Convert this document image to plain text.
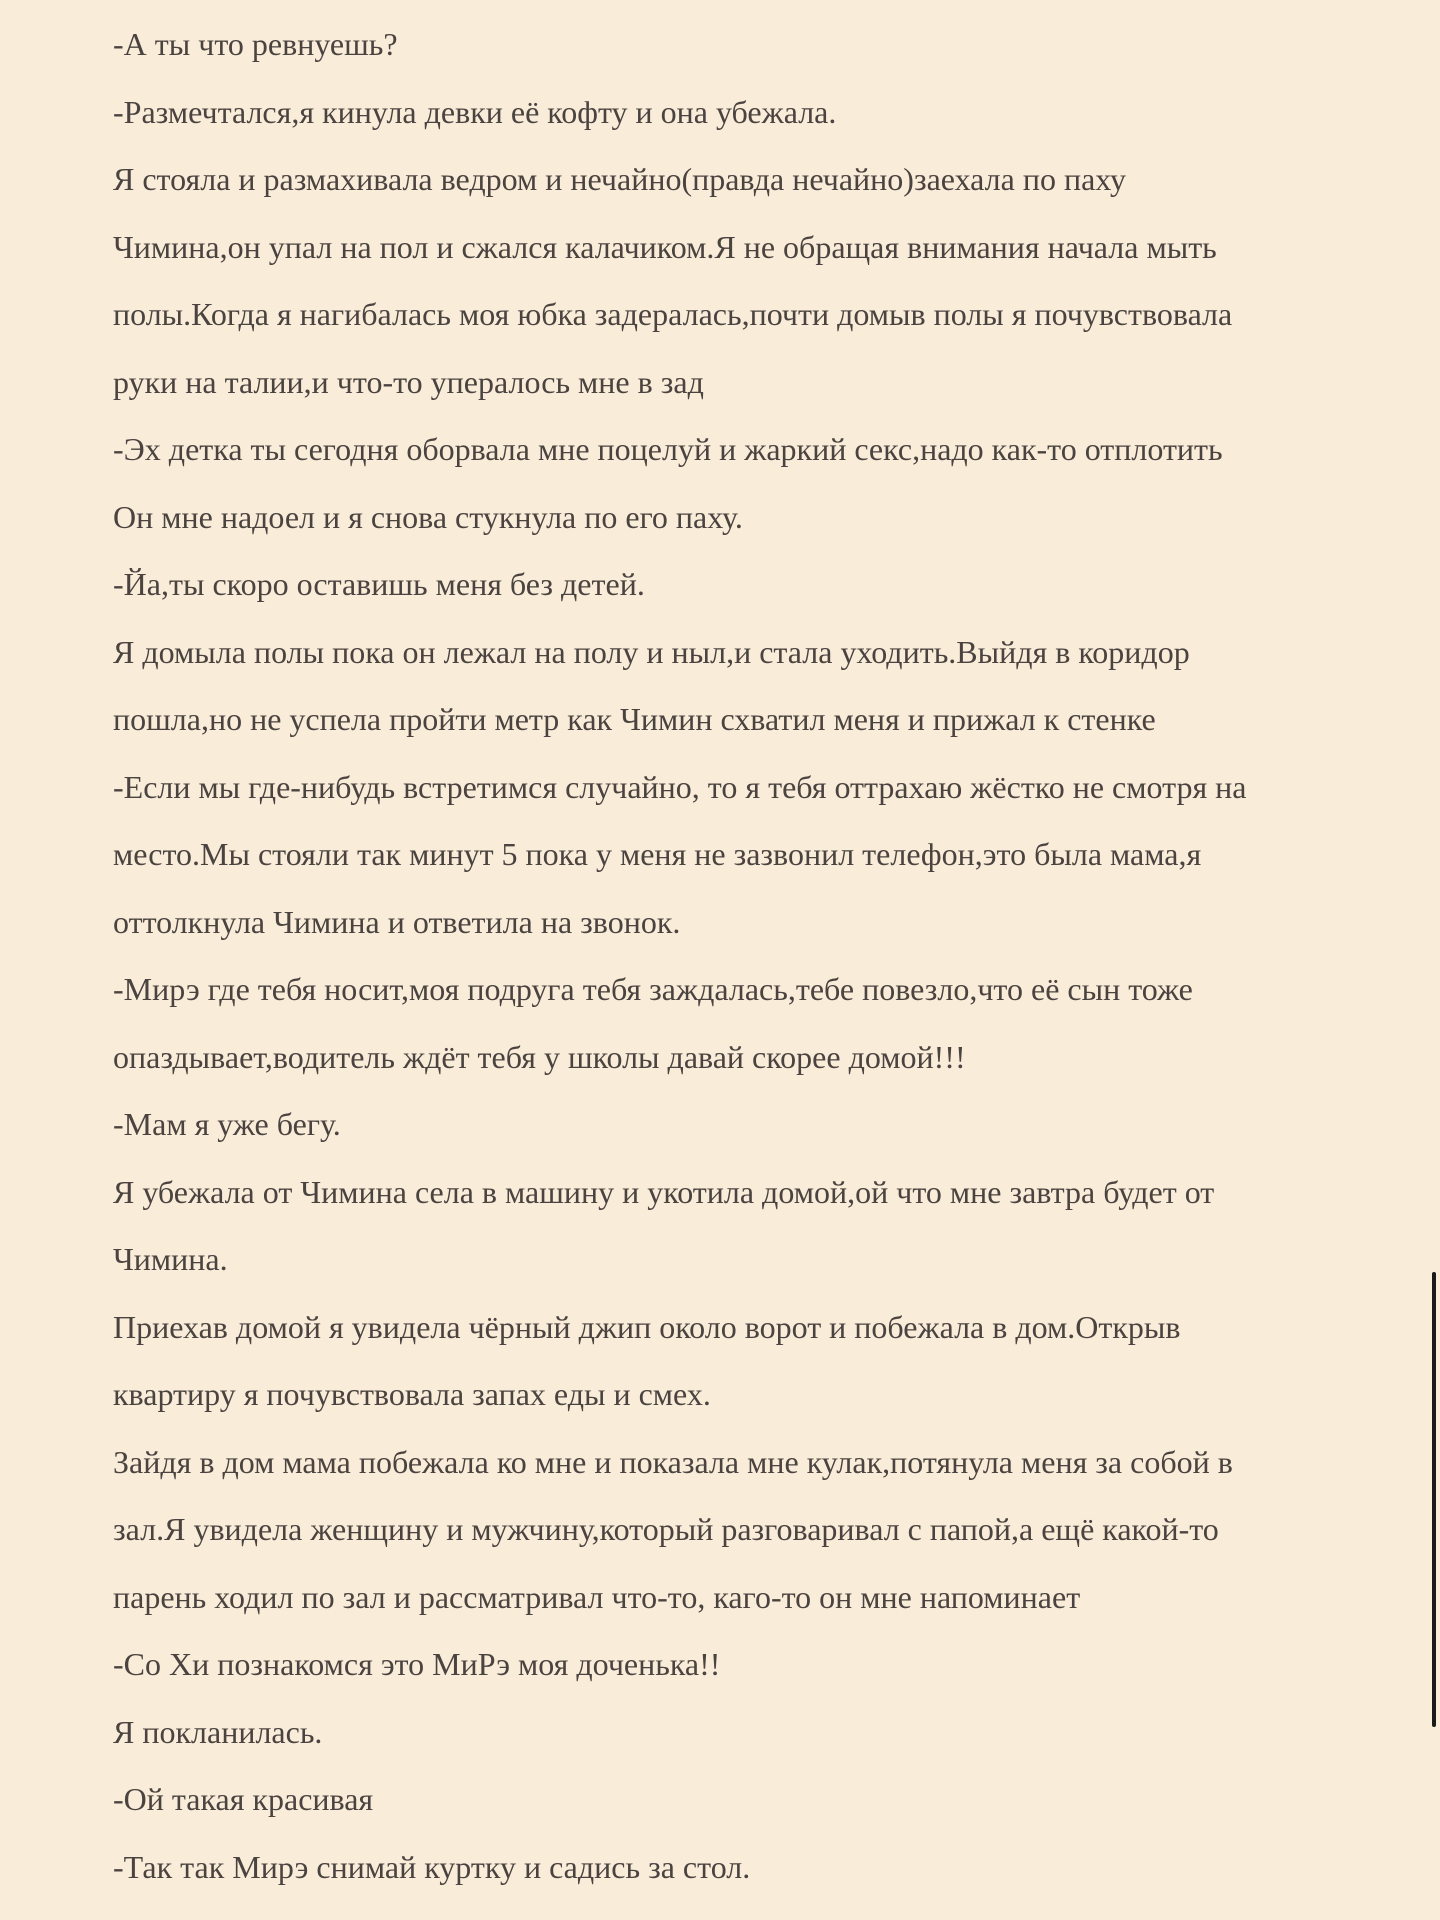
-А ты что ревнуешь?

-Размечтался,я кинула девки её кофту и она убежала.

Я стояла и размахивала ведром и нечайно(правда нечайно)заехала по паху

Чимина,он упал на пол и сжался калачиком.Я не обращая внимания начала мыть

полы.Когда я нагибалась моя юбка задералась,почти домыв полы я почувствовала

руки на талии,и что-то упералось мне в зад

-Эх детка ты сегодня оборвала мне поцелуй и жаркий секс,надо как-то отплотить

Он мне надоел и я снова стукнула по его паху.

-Йа,ты скоро оставишь меня без детей.

Я домыла полы пока он лежал на полу и ныл,и стала уходить.Выйдя в коридор

пошла,но не успела пройти метр как Чимин схватил меня и прижал к стенке

-Если мы где-нибудь встретимся случайно, то я тебя оттрахаю жёстко не смотря на

место.Мы стояли так минут 5 пока у меня не зазвонил телефон,это была мама,я

оттолкнула Чимина и ответила на звонок.

-Мирэ где тебя носит,моя подруга тебя заждалась,тебе повезло,что её сын тоже

опаздывает,водитель ждёт тебя у школы давай скорее домой!!!

-Мам я уже бегу.

Я убежала от Чимина села в машину и укотила домой,ой что мне завтра будет от

Чимина.

Приехав домой я увидела чёрный джип около ворот и побежала в дом.Открыв

квартиру я почувствовала запах еды и смех.

Зайдя в дом мама побежала ко мне и показала мне кулак,потянула меня за собой в

зал.Я увидела женщину и мужчину,который разговаривал с папой,а ещё какой-то

парень ходил по зал и рассматривал что-то, каго-то он мне напоминает

-Со Хи познакомся это МиРэ моя доченька!!

Я покланилась.

-Ой такая красивая

-Так так Мирэ снимай куртку и садись за стол.
